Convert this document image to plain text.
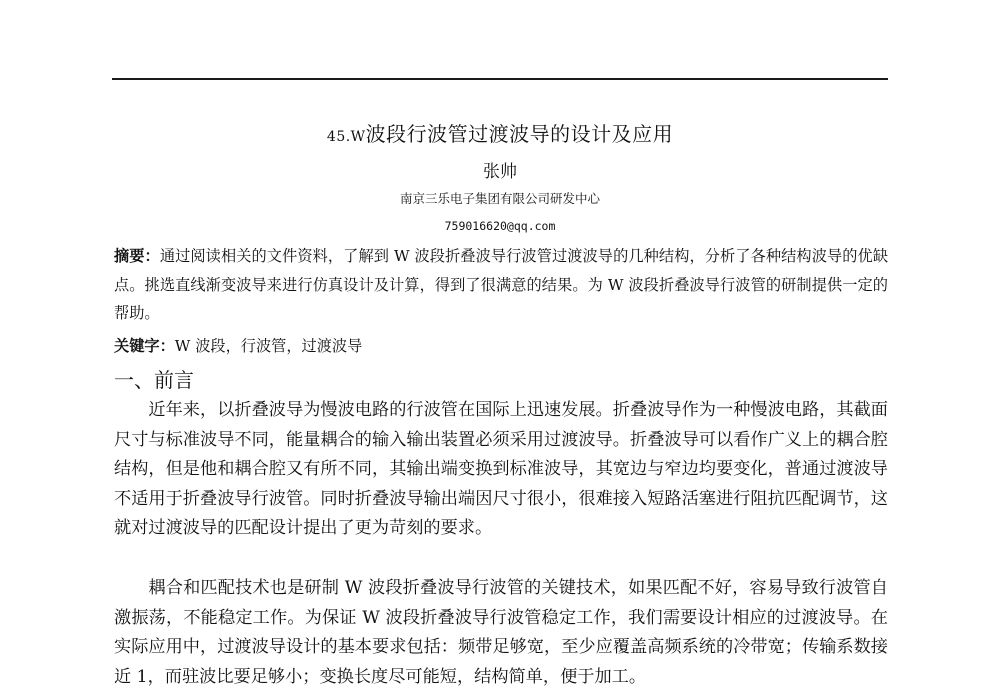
45.W波段行波管过渡波导的设计及应用
张帅
南京三乐电子集团有限公司研发中心
759016620@qq.com

摘要：通过阅读相关的文件资料，了解到 W 波段折叠波导行波管过渡波导的几种结构，分析了各种结构波导的优缺点。挑选直线渐变波导来进行仿真设计及计算，得到了很满意的结果。为 W 波段折叠波导行波管的研制提供一定的帮助。

关键字：W 波段，行波管，过渡波导

一、前言

近年来，以折叠波导为慢波电路的行波管在国际上迅速发展。折叠波导作为一种慢波电路，其截面尺寸与标准波导不同，能量耦合的输入输出装置必须采用过渡波导。折叠波导可以看作广义上的耦合腔结构，但是他和耦合腔又有所不同，其输出端变换到标准波导，其宽边与窄边均要变化，普通过渡波导不适用于折叠波导行波管。同时折叠波导输出端因尺寸很小，很难接入短路活塞进行阻抗匹配调节，这就对过渡波导的匹配设计提出了更为苛刻的要求。

耦合和匹配技术也是研制 W 波段折叠波导行波管的关键技术，如果匹配不好，容易导致行波管自激振荡，不能稳定工作。为保证 W 波段折叠波导行波管稳定工作，我们需要设计相应的过渡波导。在实际应用中，过渡波导设计的基本要求包括：频带足够宽，至少应覆盖高频系统的冷带宽；传输系数接近 1，而驻波比要足够小；变换长度尽可能短，结构简单，便于加工。
